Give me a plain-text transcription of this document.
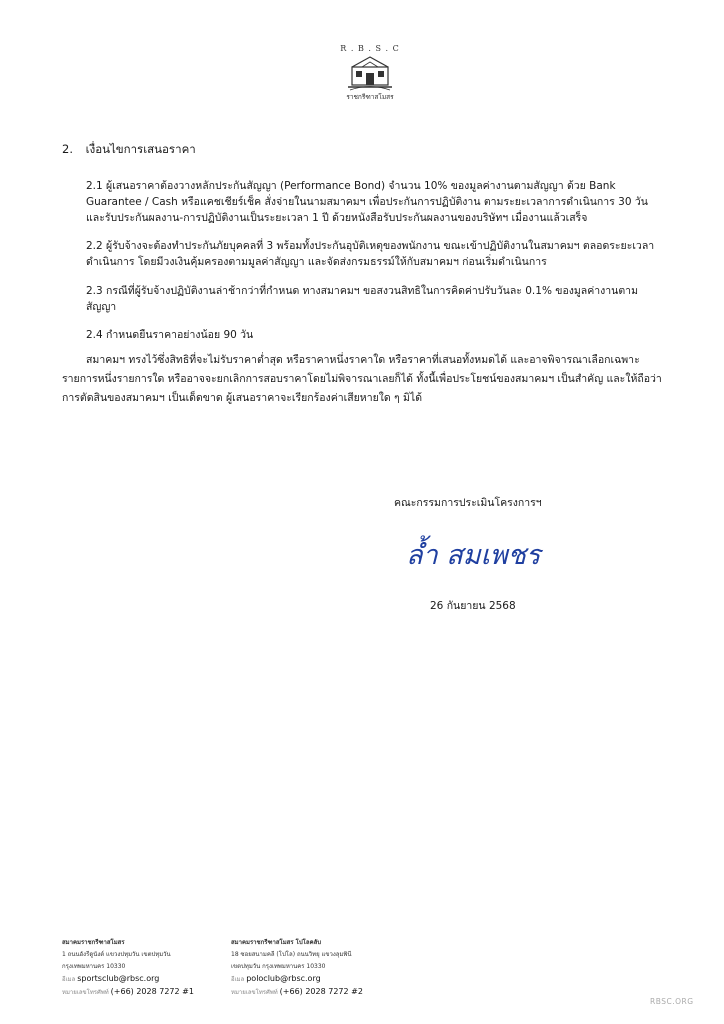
R . B . S . C
ราชกรีฑาสโมสร
2. เงื่อนไขการเสนอราคา
2.1 ผู้เสนอราคาต้องวางหลักประกันสัญญา (Performance Bond) จำนวน 10% ของมูลค่างานตามสัญญา ด้วย Bank Guarantee / Cash หรือแคชเชียร์เช็ค สั่งจ่ายในนามสมาคมฯ เพื่อประกันการปฏิบัติงาน ตามระยะเวลาการดำเนินการ 30 วัน และรับประกันผลงาน-การปฏิบัติงานเป็นระยะเวลา 1 ปี ด้วยหนังสือรับประกันผลงานของบริษัทฯ เมื่องานแล้วเสร็จ
2.2 ผู้รับจ้างจะต้องทำประกันภัยบุคคลที่ 3 พร้อมทั้งประกันอุบัติเหตุของพนักงาน ขณะเข้าปฏิบัติงานในสมาคมฯ ตลอดระยะเวลาดำเนินการ โดยมีวงเงินคุ้มครองตามมูลค่าสัญญา และจัดส่งกรมธรรม์ให้กับสมาคมฯ ก่อนเริ่มดำเนินการ
2.3 กรณีที่ผู้รับจ้างปฏิบัติงานล่าช้ากว่าที่กำหนด ทางสมาคมฯ ขอสงวนสิทธิในการคิดค่าปรับวันละ 0.1% ของมูลค่างานตามสัญญา
2.4 กำหนดยืนราคาอย่างน้อย 90 วัน
สมาคมฯ ทรงไว้ซึ่งสิทธิที่จะไม่รับราคาต่ำสุด หรือราคาหนึ่งราคาใด หรือราคาที่เสนอทั้งหมดได้ และอาจพิจารณาเลือกเฉพาะรายการหนึ่งรายการใด หรืออาจจะยกเลิกการสอบราคาโดยไม่พิจารณาเลยก็ได้ ทั้งนี้เพื่อประโยชน์ของสมาคมฯ เป็นสำคัญ และให้ถือว่าการตัดสินของสมาคมฯ เป็นเด็ดขาด ผู้เสนอราคาจะเรียกร้องค่าเสียหายใด ๆ มิได้
คณะกรรมการประเมินโครงการฯ
ล้ำ สมเพชร
26 กันยายน 2568
สมาคมราชกรีฑาสโมสร
1 ถนนอังรีดูนังต์ แขวงปทุมวัน เขตปทุมวัน
กรุงเทพมหานคร 10330
อีเมล sportsclub@rbsc.org
หมายเลขโทรศัพท์ (+66) 2028 7272 #1
สมาคมราชกรีฑาสโมสร โปโลคลับ
18 ซอยสนามคลี (โปโล) ถนนวิทยุ แขวงลุมพินี
เขตปทุมวัน กรุงเทพมหานคร 10330
อีเมล poloclub@rbsc.org
หมายเลขโทรศัพท์ (+66) 2028 7272 #2
RBSC.ORG
